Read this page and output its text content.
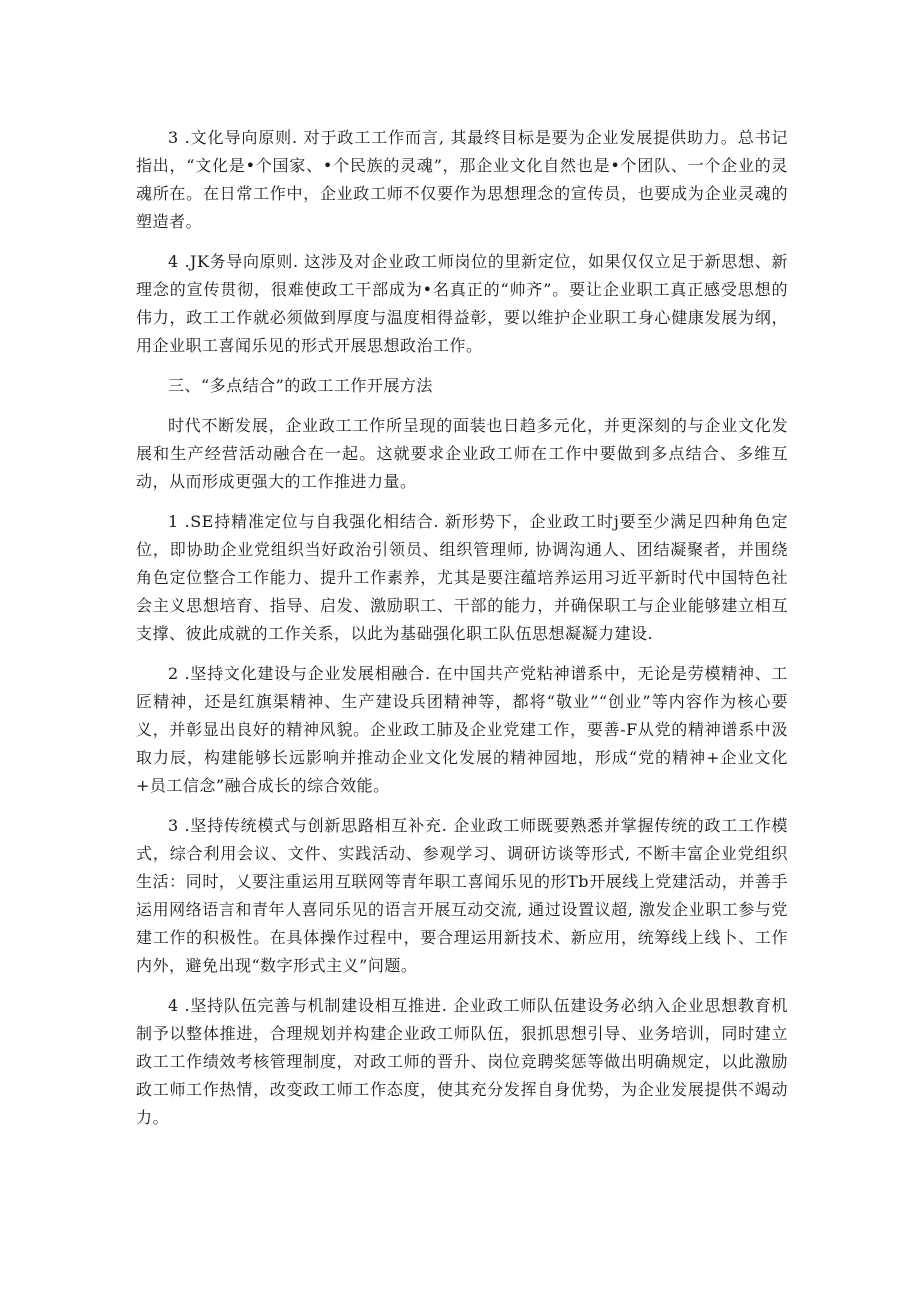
3 .文化导向原则. 对于政工工作而言, 其最终目标是要为企业发展提供助力。总书记指出，“文化是•个国家、•个民族的灵魂”，那企业文化自然也是•个团队、一个企业的灵魂所在。在日常工作中，企业政工师不仅要作为思想理念的宣传员，也要成为企业灵魂的塑造者。

4 .JK务导向原则. 这涉及对企业政工师岗位的里新定位，如果仅仅立足于新思想、新理念的宣传贯彻，很难使政工干部成为•名真正的“帅齐”。要让企业职工真正感受思想的伟力，政工工作就必须做到厚度与温度相得益彰，要以维护企业职工身心健康发展为纲，用企业职工喜闻乐见的形式开展思想政治工作。

三、“多点结合”的政工工作开展方法

时代不断发展，企业政工工作所呈现的面装也日趋多元化，并更深刻的与企业文化发展和生产经营活动融合在一起。这就要求企业政工师在工作中要做到多点结合、多维互动，从而形成更强大的工作推进力量。

1 .SE持精准定位与自我强化相结合. 新形势下，企业政工时j要至少满足四种角色定位，即协助企业党组织当好政治引领员、组织管理师, 协调沟通人、团结凝聚者，并围绕角色定位整合工作能力、提升工作素养，尤其是要注蕴培养运用习近平新时代中国特色社会主义思想培育、指导、启发、激励职工、干部的能力，并确保职工与企业能够建立相互支撑、彼此成就的工作关系，以此为基础强化职工队伍思想凝凝力建设.

2 .坚持文化建设与企业发展相融合. 在中国共产党粘神谱系中，无论是劳模精神、工匠精神，还是红旗渠精神、生产建设兵团精神等，都将“敬业”“创业”等内容作为核心要义，并彰显出良好的精神风貌。企业政工肺及企业党建工作，要善-F从党的精神谱系中汲取力辰，构建能够长远影响并推动企业文化发展的精神园地，形成“党的精神+企业文化+员工信念”融合成长的综合效能。

3 .坚持传统模式与创新思路相互补充. 企业政工师既要熟悉并掌握传统的政工工作模式，综合利用会议、文件、实践活动、参观学习、调研访谈等形式, 不断丰富企业党组织生活：同时，乂要注重运用互联网等青年职工喜闻乐见的形Tb开展线上党建活动，并善手运用网络语言和青年人喜同乐见的语言开展互动交流, 通过设置议超, 激发企业职工参与党建工作的积极性。在具体操作过程中，要合理运用新技术、新应用，统筹线上线卜、工作内外，避免出现“数字形式主义”问题。

4 .坚持队伍完善与机制建设相互推进. 企业政工师队伍建设务必纳入企业思想教育机制予以整体推进，合理规划并构建企业政工师队伍，狠抓思想引导、业务培训，同时建立政工工作绩效考核管理制度，对政工师的晋升、岗位竞聘奖惩等做出明确规定，以此激励政工师工作热情，改变政工师工作态度，使其充分发挥自身优势，为企业发展提供不竭动力。
